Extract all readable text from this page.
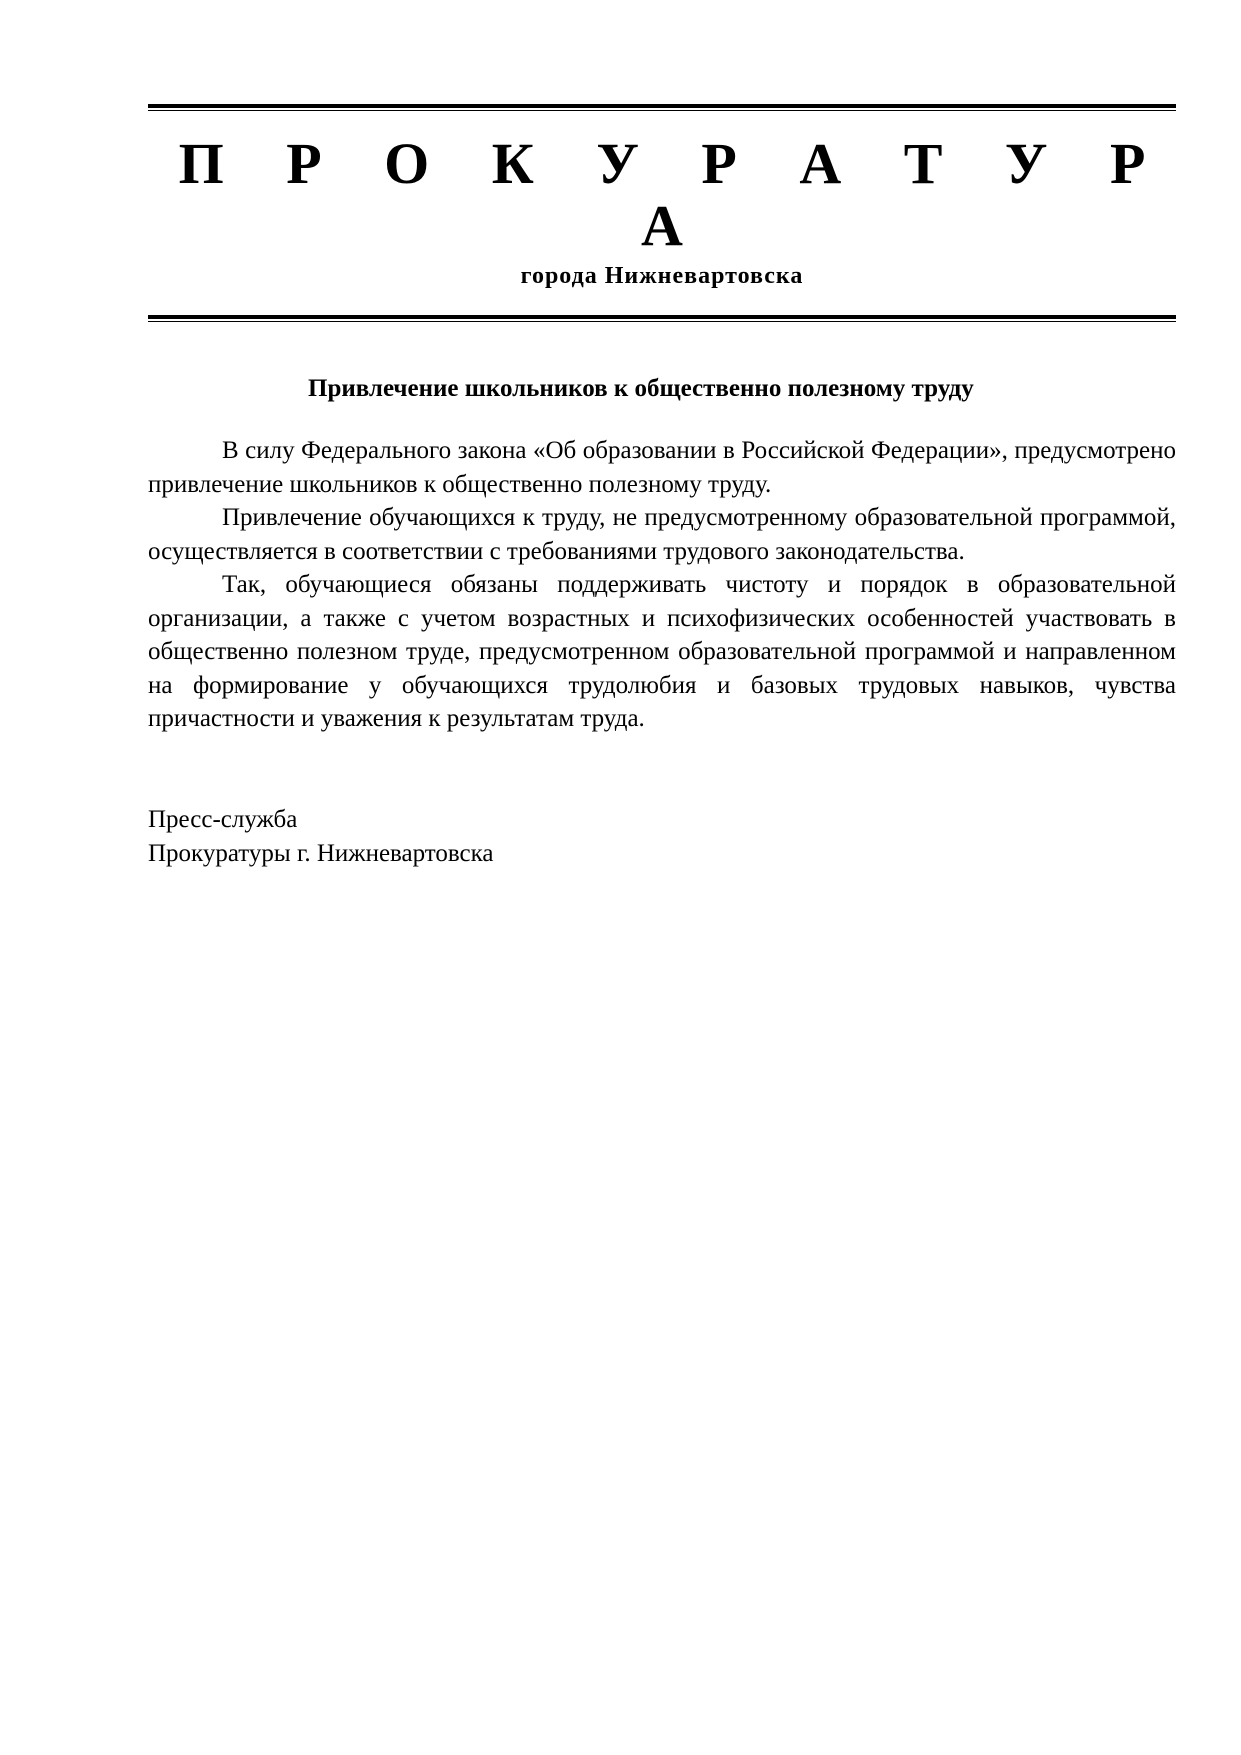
П Р О К У Р А Т У Р А
города Нижневартовска
Привлечение школьников к общественно полезному труду

В силу Федерального закона «Об образовании в Российской Федерации», предусмотрено привлечение школьников к общественно полезному труду.

Привлечение обучающихся к труду, не предусмотренному образовательной программой, осуществляется в соответствии с требованиями трудового законодательства.

Так, обучающиеся обязаны поддерживать чистоту и порядок в образовательной организации, а также с учетом возрастных и психофизических особенностей участвовать в общественно полезном труде, предусмотренном образовательной программой и направленном на формирование у обучающихся трудолюбия и базовых трудовых навыков, чувства причастности и уважения к результатам труда.

Пресс-служба
Прокуратуры г. Нижневартовска
